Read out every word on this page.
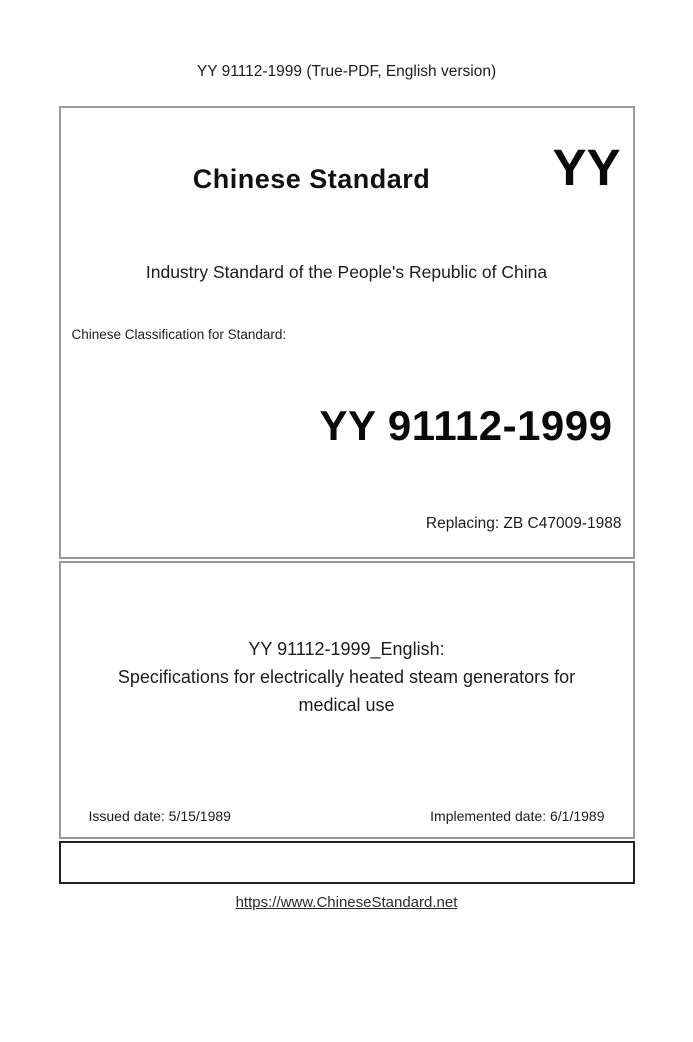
YY 91112-1999 (True-PDF, English version)
Chinese Standard	YY
Industry Standard of the People's Republic of China
Chinese Classification for Standard:
YY 91112-1999
Replacing: ZB C47009-1988
YY 91112-1999_English:
Specifications for electrically heated steam generators for
medical use
Issued date: 5/15/1989	Implemented date: 6/1/1989
https://www.ChineseStandard.net
